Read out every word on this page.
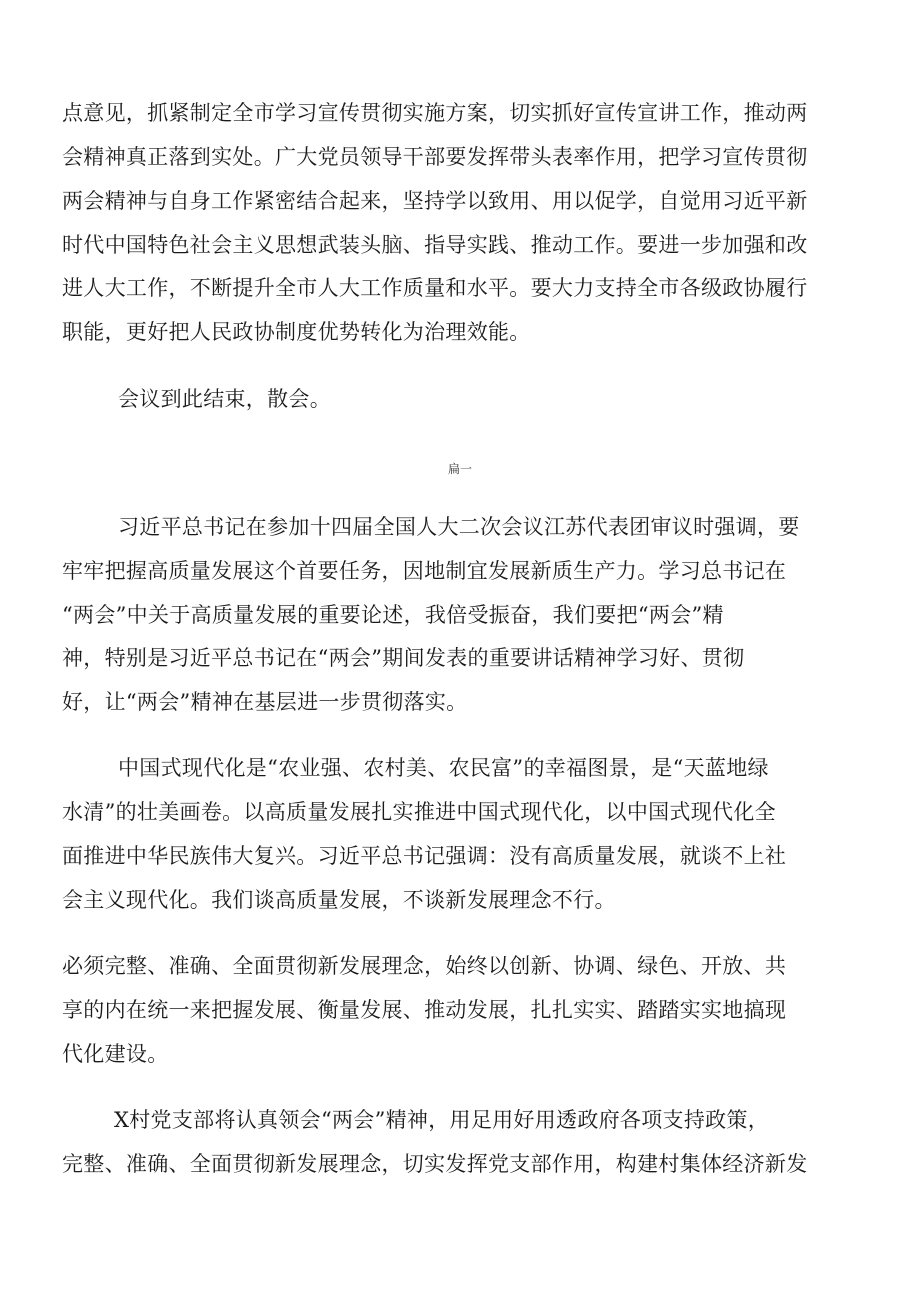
点意见，抓紧制定全市学习宣传贯彻实施方案，切实抓好宣传宣讲工作，推动两
会精神真正落到实处。广大党员领导干部要发挥带头表率作用，把学习宣传贯彻
两会精神与自身工作紧密结合起来，坚持学以致用、用以促学，自觉用习近平新
时代中国特色社会主义思想武装头脑、指导实践、推动工作。要进一步加强和改
进人大工作，不断提升全市人大工作质量和水平。要大力支持全市各级政协履行
职能，更好把人民政协制度优势转化为治理效能。
会议到此结束，散会。
扁一
习近平总书记在参加十四届全国人大二次会议江苏代表团审议时强调，要
牢牢把握高质量发展这个首要任务，因地制宜发展新质生产力。学习总书记在
“两会”中关于高质量发展的重要论述，我倍受振奋，我们要把“两会”精
神，特别是习近平总书记在“两会”期间发表的重要讲话精神学习好、贯彻
好，让“两会”精神在基层进一步贯彻落实。
中国式现代化是“农业强、农村美、农民富”的幸福图景，是“天蓝地绿
水清”的壮美画卷。以高质量发展扎实推进中国式现代化，以中国式现代化全
面推进中华民族伟大复兴。习近平总书记强调：没有高质量发展，就谈不上社
会主义现代化。我们谈高质量发展，不谈新发展理念不行。
必须完整、准确、全面贯彻新发展理念，始终以创新、协调、绿色、开放、共
享的内在统一来把握发展、衡量发展、推动发展，扎扎实实、踏踏实实地搞现
代化建设。
X村党支部将认真领会“两会”精神，用足用好用透政府各项支持政策，
完整、准确、全面贯彻新发展理念，切实发挥党支部作用，构建村集体经济新发
